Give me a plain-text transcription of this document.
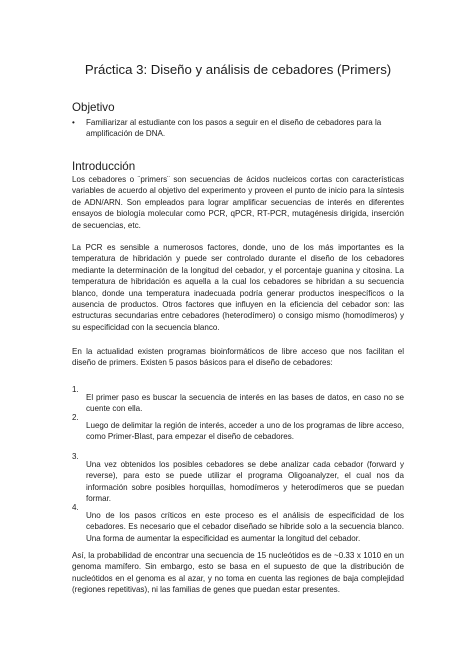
Práctica 3: Diseño y análisis de cebadores (Primers)
Objetivo
• Familiarizar al estudiante con los pasos a seguir en el diseño de cebadores para la amplificación de DNA.
Introducción

Los cebadores o ¨primers¨ son secuencias de ácidos nucleicos cortas con características variables de acuerdo al objetivo del experimento y proveen el punto de inicio para la síntesis de ADN/ARN. Son empleados para lograr amplificar secuencias de interés en diferentes ensayos de biología molecular como PCR, qPCR, RT-PCR, mutagénesis dirigida, inserción de secuencias, etc.

La PCR es sensible a numerosos factores, donde, uno de los más importantes es la temperatura de hibridación y puede ser controlado durante el diseño de los cebadores mediante la determinación de la longitud del cebador, y el porcentaje guanina y citosina. La temperatura de hibridación es aquella a la cual los cebadores se hibridan a su secuencia blanco, donde una temperatura inadecuada podría generar productos inespecíficos o la ausencia de productos. Otros factores que influyen en la eficiencia del cebador son: las estructuras secundarias entre cebadores (heterodímero) o consigo mismo (homodímeros) y su especificidad con la secuencia blanco.

En la actualidad existen programas bioinformáticos de libre acceso que nos facilitan el diseño de primers. Existen 5 pasos básicos para el diseño de cebadores:

1.

El primer paso es buscar la secuencia de interés en las bases de datos, en caso no se cuente con ella.

2.

Luego de delimitar la región de interés, acceder a uno de los programas de libre acceso, como Primer-Blast, para empezar el diseño de cebadores.

3.

Una vez obtenidos los posibles cebadores se debe analizar cada cebador (forward y reverse), para esto se puede utilizar el programa Oligoanalyzer, el cual nos da información sobre posibles horquillas, homodímeros y heterodímeros que se puedan formar.

4.

Uno de los pasos críticos en este proceso es el análisis de especificidad de los cebadores. Es necesario que el cebador diseñado se hibride solo a la secuencia blanco. Una forma de aumentar la especificidad es aumentar la longitud del cebador.

Así, la probabilidad de encontrar una secuencia de 15 nucleótidos es de ~0.33 x 1010 en un genoma mamífero. Sin embargo, esto se basa en el supuesto de que la distribución de nucleótidos en el genoma es al azar, y no toma en cuenta las regiones de baja complejidad (regiones repetitivas), ni las familias de genes que puedan estar presentes.
